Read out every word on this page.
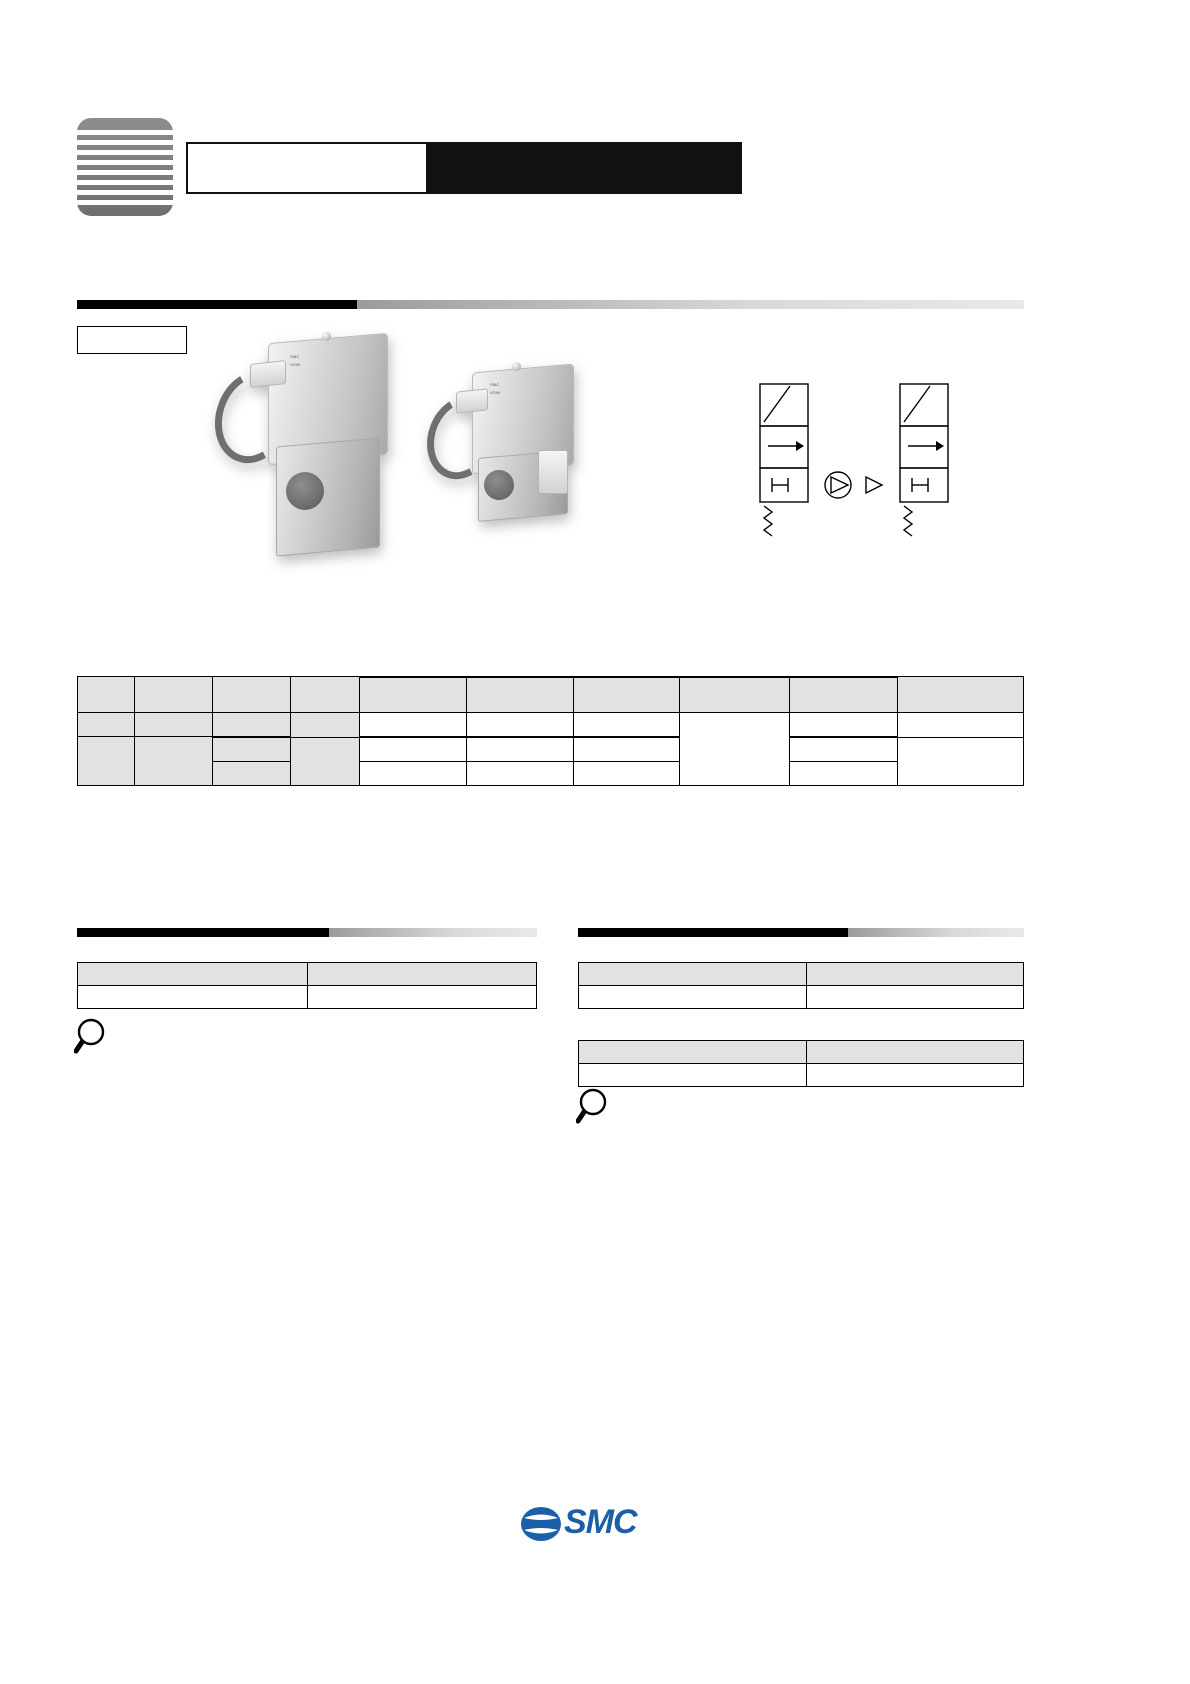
SMC
VDW
SMC
VDW

SMC
